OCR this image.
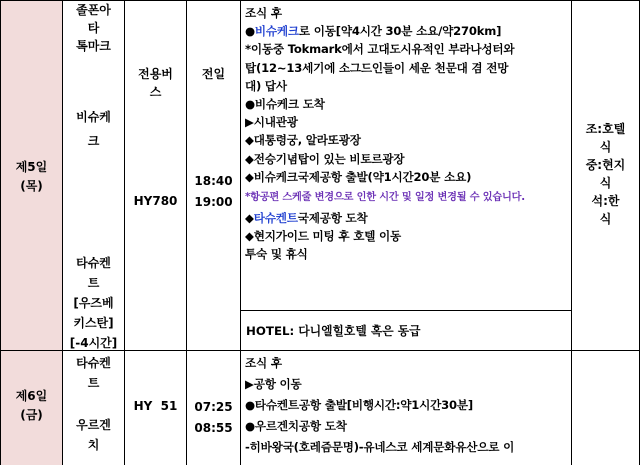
제5일
(목)
졸폰아
타
톡마크
비슈케
크
타슈켄
트
[우즈베
키스탄]
[-4시간]
전용버
스
HY780
전일
18:40
19:00
조식 후
●비슈케크로 이동[약4시간 30분 소요/약270km]
*이동중 Tokmark에서 고대도시유적인 부라나성터와
탑(12~13세기에 소그드인들이 세운 천문대 겸 전망
대) 답사
●비슈케크 도착
▶시내관광
◆대통령궁, 알라또광장
◆전승기념탑이 있는 비토르광장
◆비슈케크국제공항 출발(약1시간20분 소요)
*항공편 스케줄 변경으로 인한 시간 및 일정 변경될 수 있습니다.
◆타슈켄트국제공항 도착
◆현지가이드 미팅 후 호텔 이동
투숙 및 휴식
HOTEL: 다니엘힐호텔 혹은 동급
조:호텔
식
중:현지
식
석:한
식
제6일
(금)
타슈켄
트
우르겐
치
HY  51	07:25
08:55
조식 후
▶공항 이동
●타슈켄트공항 출발[비행시간:약1시간30분]
●우르겐치공항 도착
-히바왕국(호레즘문명)-유네스코 세계문화유산으로 이
